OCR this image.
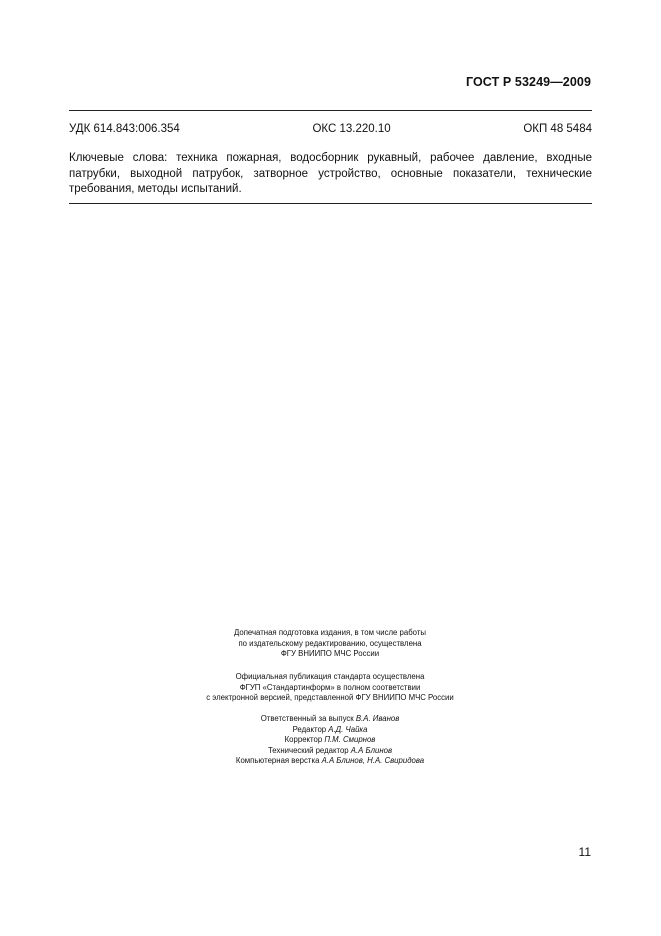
ГОСТ Р 53249—2009
УДК 614.843:006.354	ОКС 13.220.10	ОКП 48 5484
Ключевые слова: техника пожарная, водосборник рукавный, рабочее давление, входные патрубки, выходной патрубок, затворное устройство, основные показатели, технические требования, методы испытаний.
Допечатная подготовка издания, в том числе работы
по издательскому редактированию, осуществлена
ФГУ ВНИИПО МЧС России
Официальная публикация стандарта осуществлена
ФГУП «Стандартинформ» в полном соответствии
с электронной версией, представленной ФГУ ВНИИПО МЧС России
Ответственный за выпуск В.А. Иванов
Редактор А.Д. Чайка
Корректор П.М. Смирнов
Технический редактор А.А Блинов
Компьютерная верстка А.А Блинов, Н.А. Свиридова
11
